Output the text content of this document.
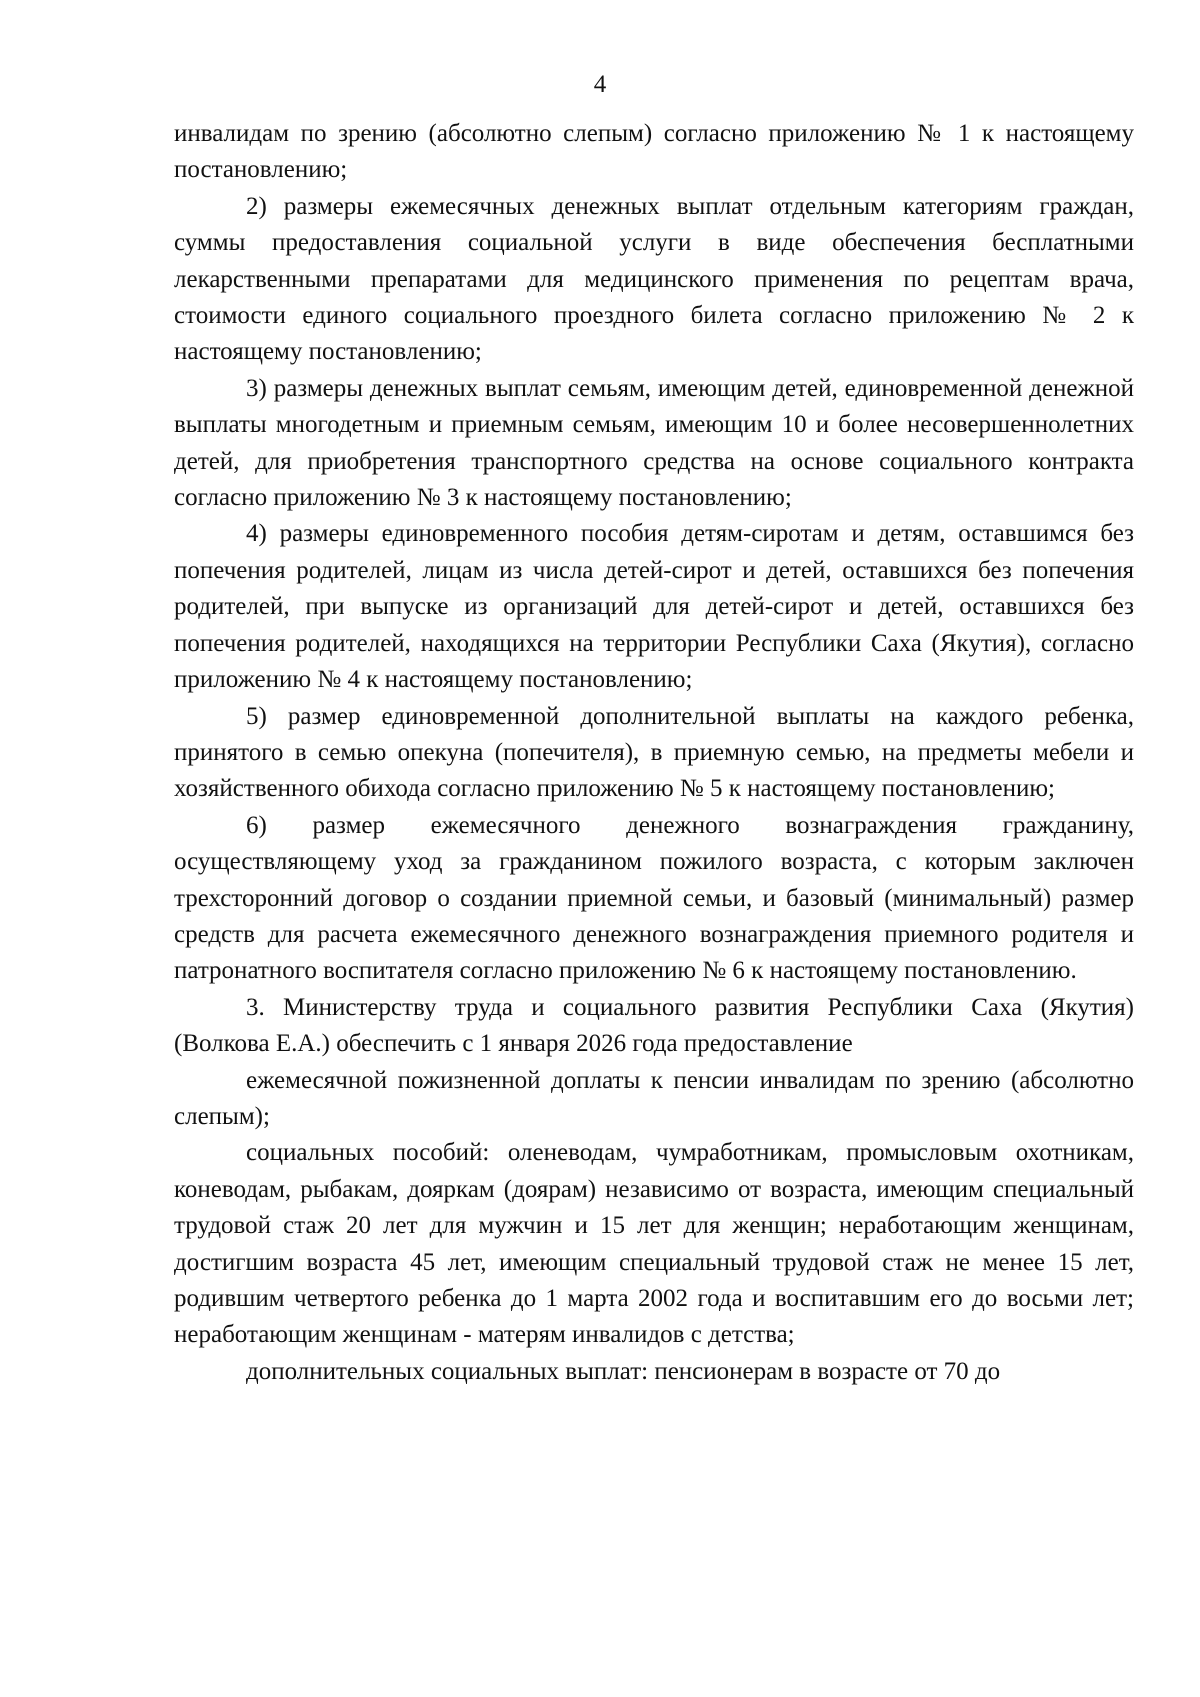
4

инвалидам по зрению (абсолютно слепым) согласно приложению № 1 к настоящему постановлению;

2) размеры ежемесячных денежных выплат отдельным категориям граждан, суммы предоставления социальной услуги в виде обеспечения бесплатными лекарственными препаратами для медицинского применения по рецептам врача, стоимости единого социального проездного билета согласно приложению № 2 к настоящему постановлению;

3) размеры денежных выплат семьям, имеющим детей, единовременной денежной выплаты многодетным и приемным семьям, имеющим 10 и более несовершеннолетних детей, для приобретения транспортного средства на основе социального контракта согласно приложению № 3 к настоящему постановлению;

4) размеры единовременного пособия детям-сиротам и детям, оставшимся без попечения родителей, лицам из числа детей-сирот и детей, оставшихся без попечения родителей, при выпуске из организаций для детей-сирот и детей, оставшихся без попечения родителей, находящихся на территории Республики Саха (Якутия), согласно приложению № 4 к настоящему постановлению;

5) размер единовременной дополнительной выплаты на каждого ребенка, принятого в семью опекуна (попечителя), в приемную семью, на предметы мебели и хозяйственного обихода согласно приложению № 5 к настоящему постановлению;

6) размер ежемесячного денежного вознаграждения гражданину, осуществляющему уход за гражданином пожилого возраста, с которым заключен трехсторонний договор о создании приемной семьи, и базовый (минимальный) размер средств для расчета ежемесячного денежного вознаграждения приемного родителя и патронатного воспитателя согласно приложению № 6 к настоящему постановлению.

3. Министерству труда и социального развития Республики Саха (Якутия) (Волкова Е.А.) обеспечить с 1 января 2026 года предоставление

ежемесячной пожизненной доплаты к пенсии инвалидам по зрению (абсолютно слепым);

социальных пособий: оленеводам, чумработникам, промысловым охотникам, коневодам, рыбакам, дояркам (доярам) независимо от возраста, имеющим специальный трудовой стаж 20 лет для мужчин и 15 лет для женщин; неработающим женщинам, достигшим возраста 45 лет, имеющим специальный трудовой стаж не менее 15 лет, родившим четвертого ребенка до 1 марта 2002 года и воспитавшим его до восьми лет; неработающим женщинам - матерям инвалидов с детства;

дополнительных социальных выплат: пенсионерам в возрасте от 70 до
